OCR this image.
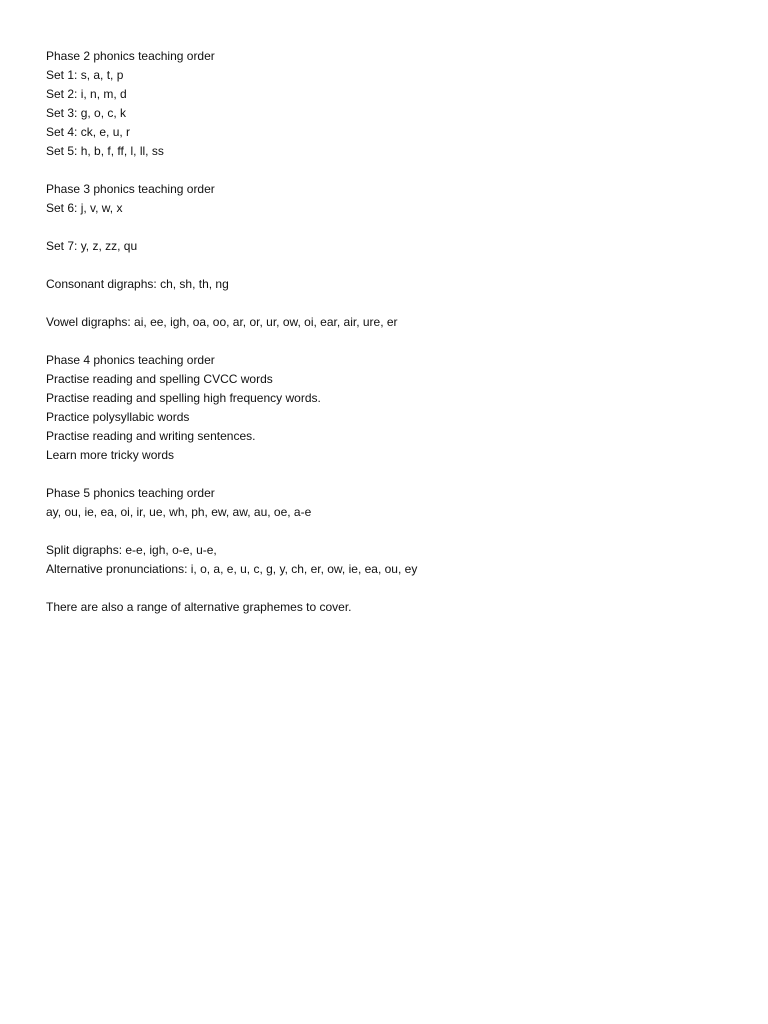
Phase 2 phonics teaching order
Set 1: s, a, t, p
Set 2: i, n, m, d
Set 3: g, o, c, k
Set 4: ck, e, u, r
Set 5: h, b, f, ff, l, ll, ss
Phase 3 phonics teaching order
Set 6: j, v, w, x
Set 7: y, z, zz, qu
Consonant digraphs: ch, sh, th, ng
Vowel digraphs: ai, ee, igh, oa, oo, ar, or, ur, ow, oi, ear, air, ure, er
Phase 4 phonics teaching order
Practise reading and spelling CVCC words
Practise reading and spelling high frequency words.
Practice polysyllabic words
Practise reading and writing sentences.
Learn more tricky words
Phase 5 phonics teaching order
ay, ou, ie, ea, oi, ir, ue, wh, ph, ew, aw, au, oe, a-e
Split digraphs: e-e, igh, o-e, u-e,
Alternative pronunciations: i, o, a, e, u, c, g, y, ch, er, ow, ie, ea, ou, ey
There are also a range of alternative graphemes to cover.
